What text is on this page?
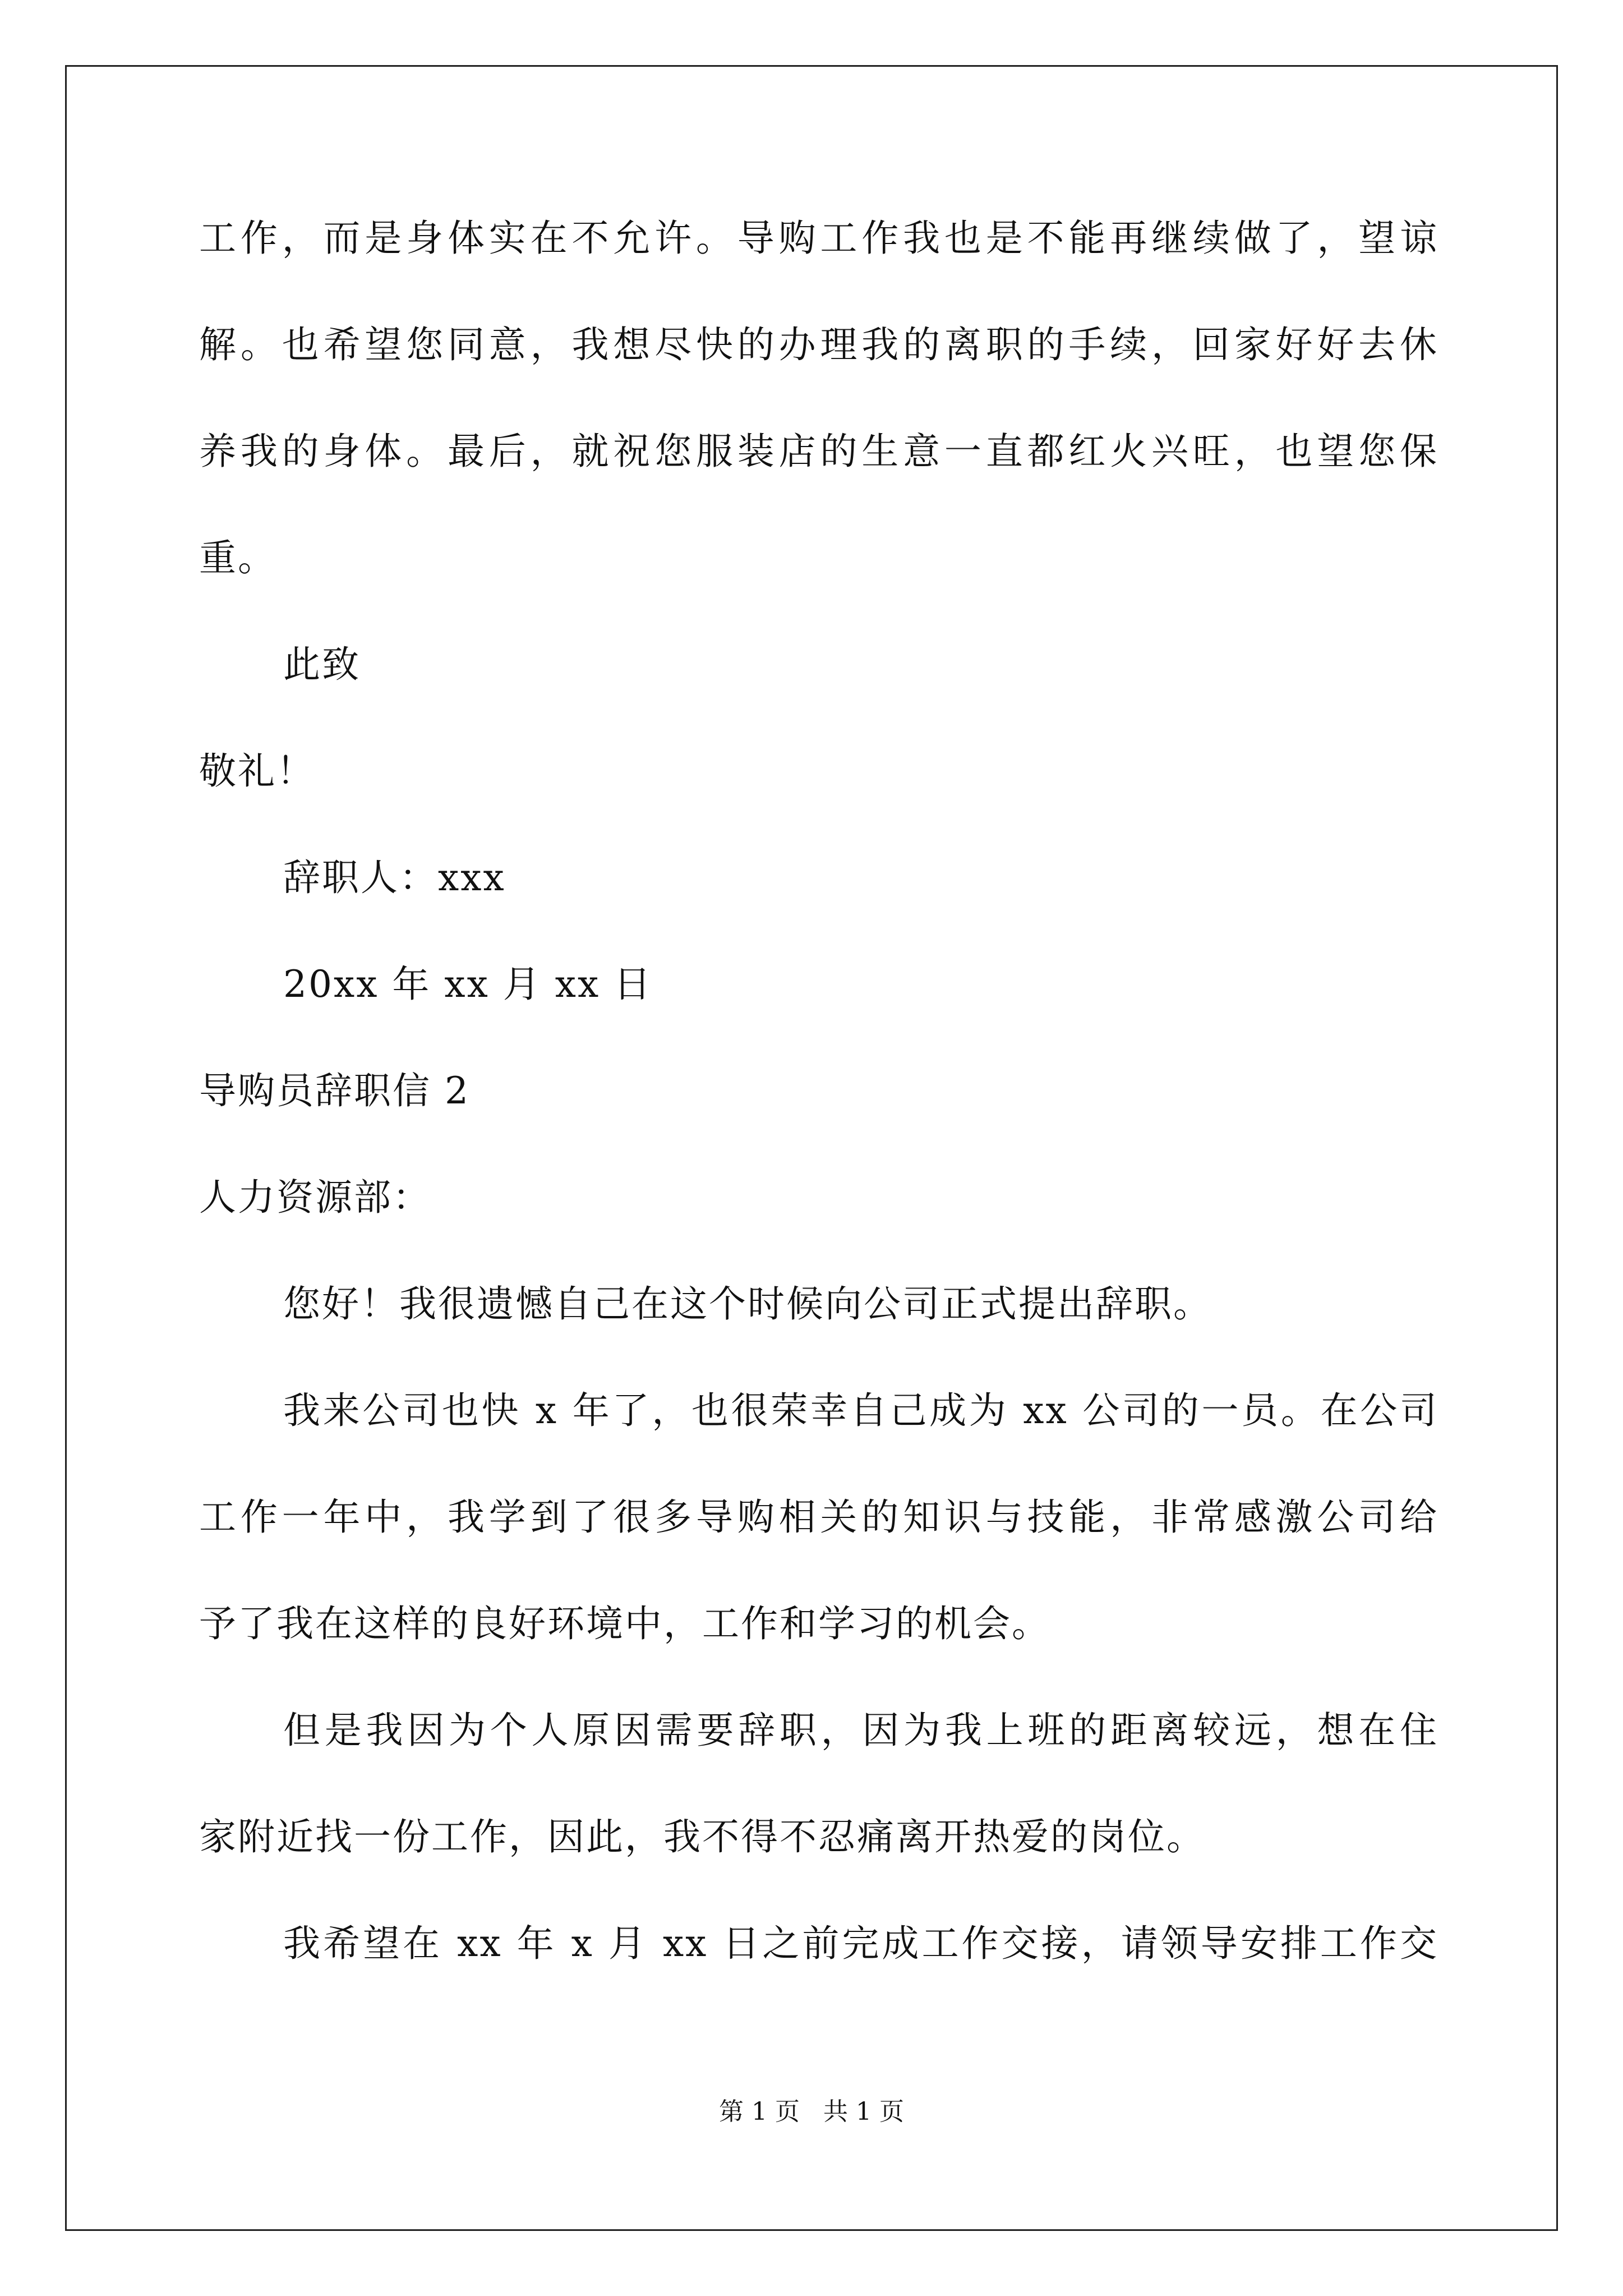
工作，而是身体实在不允许。导购工作我也是不能再继续做了，望谅
解。也希望您同意，我想尽快的办理我的离职的手续，回家好好去休
养我的身体。最后，就祝您服装店的生意一直都红火兴旺，也望您保
重。
此致
敬礼！
辞职人：xxx
20xx 年 xx 月 xx 日
导购员辞职信 2
人力资源部：
您好！我很遗憾自己在这个时候向公司正式提出辞职。
我来公司也快 x 年了，也很荣幸自己成为 xx 公司的一员。在公司
工作一年中，我学到了很多导购相关的知识与技能，非常感激公司给
予了我在这样的良好环境中，工作和学习的机会。
但是我因为个人原因需要辞职，因为我上班的距离较远，想在住
家附近找一份工作，因此，我不得不忍痛离开热爱的岗位。
我希望在 xx 年 x 月 xx 日之前完成工作交接，请领导安排工作交
第 1 页   共 1 页
